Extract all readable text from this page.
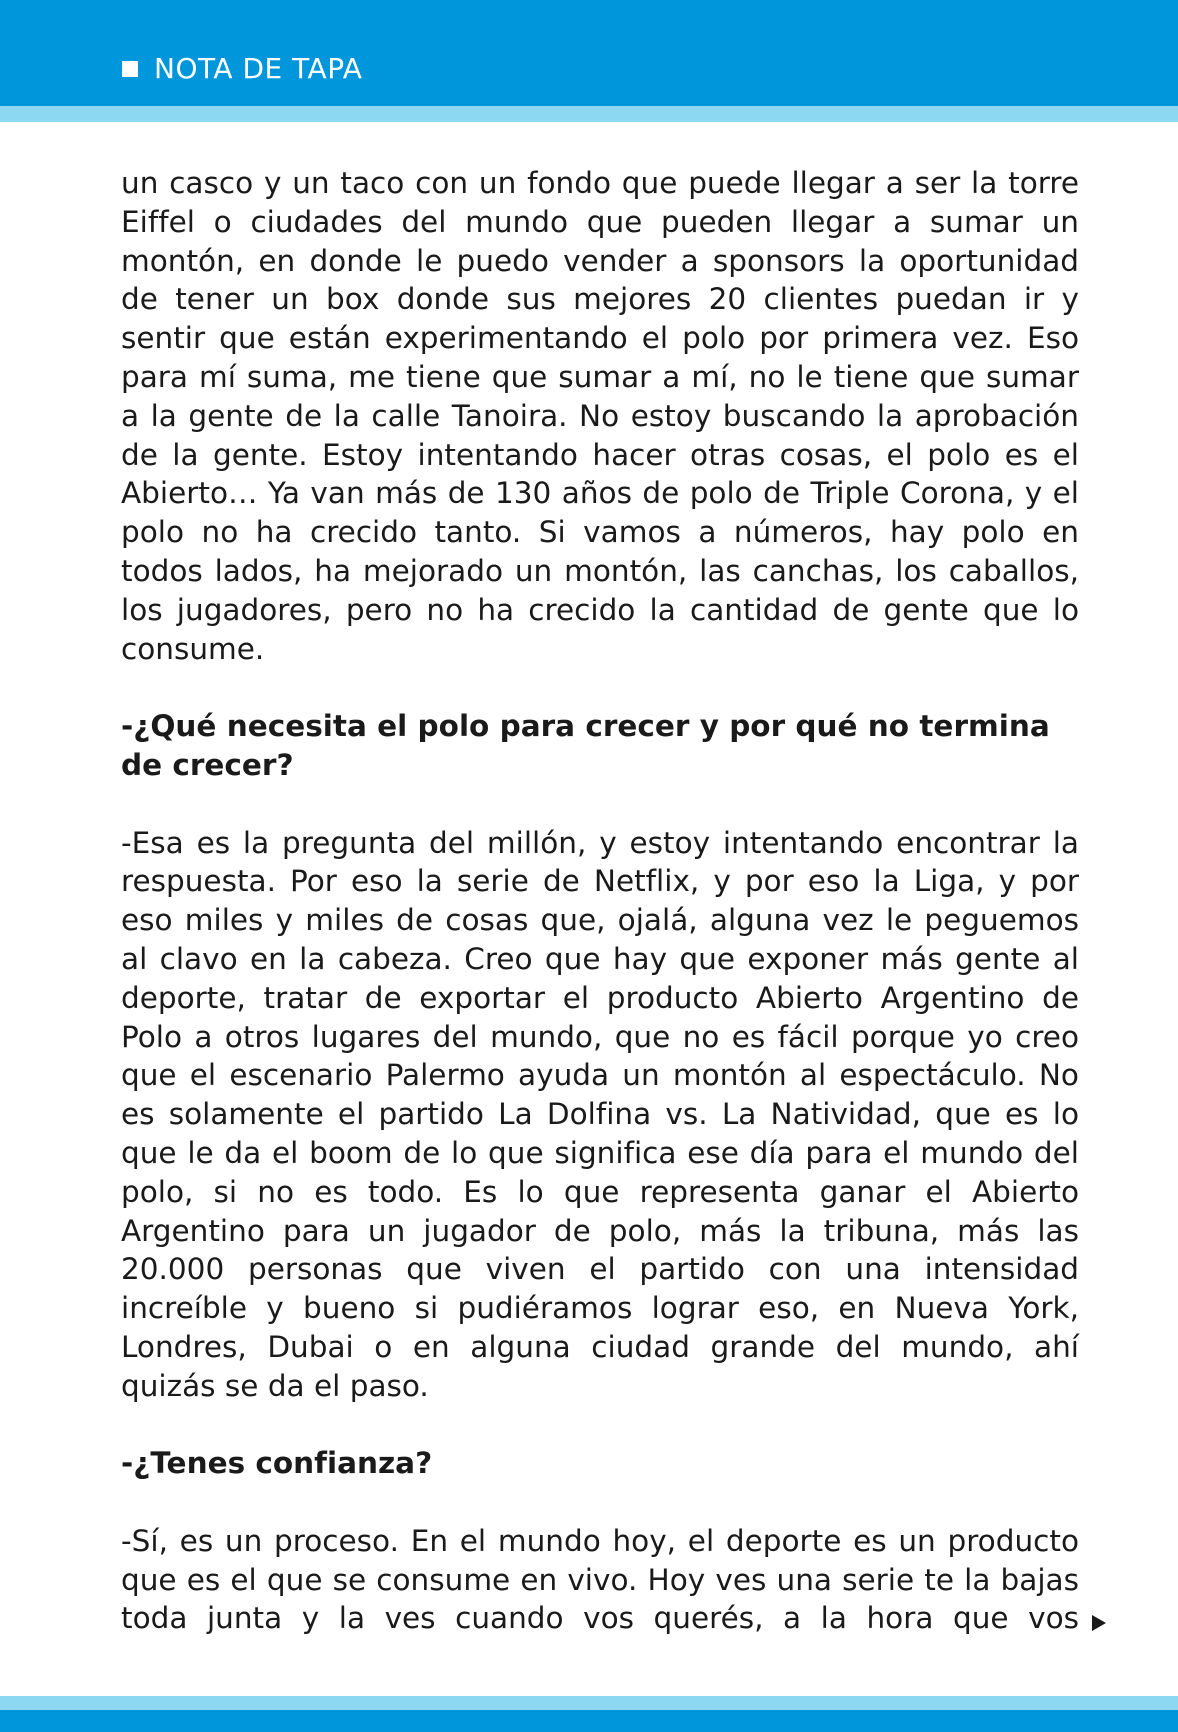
NOTA DE TAPA

un casco y un taco con un fondo que puede llegar a ser la torre Eiffel o ciudades del mundo que pueden llegar a sumar un montón, en donde le puedo vender a sponsors la oportunidad de tener un box donde sus mejores 20 clientes puedan ir y sentir que están experimentando el polo por primera vez. Eso para mí suma, me tiene que sumar a mí, no le tiene que sumar a la gente de la calle Tanoira. No estoy buscando la aprobación de la gente. Estoy intentando hacer otras cosas, el polo es el Abierto… Ya van más de 130 años de polo de Triple Corona, y el polo no ha crecido tanto. Si vamos a números, hay polo en todos lados, ha mejorado un montón, las canchas, los caballos, los jugadores, pero no ha crecido la cantidad de gente que lo consume.

-¿Qué necesita el polo para crecer y por qué no termina de crecer?

-Esa es la pregunta del millón, y estoy intentando encontrar la respuesta. Por eso la serie de Netflix, y por eso la Liga, y por eso miles y miles de cosas que, ojalá, alguna vez le peguemos al clavo en la cabeza. Creo que hay que exponer más gente al deporte, tratar de exportar el producto Abierto Argentino de Polo a otros lugares del mundo, que no es fácil porque yo creo que el escenario Palermo ayuda un montón al espectáculo. No es solamente el partido La Dolfina vs. La Natividad, que es lo que le da el boom de lo que significa ese día para el mundo del polo, si no es todo. Es lo que representa ganar el Abierto Argentino para un jugador de polo, más la tribuna, más las 20.000 personas que viven el partido con una intensidad increíble y bueno si pudiéramos lograr eso, en Nueva York, Londres, Dubai o en alguna ciudad grande del mundo, ahí quizás se da el paso.

-¿Tenes confianza?

-Sí, es un proceso. En el mundo hoy, el deporte es un producto que es el que se consume en vivo. Hoy ves una serie te la bajas toda junta y la ves cuando vos querés, a la hora que vos
